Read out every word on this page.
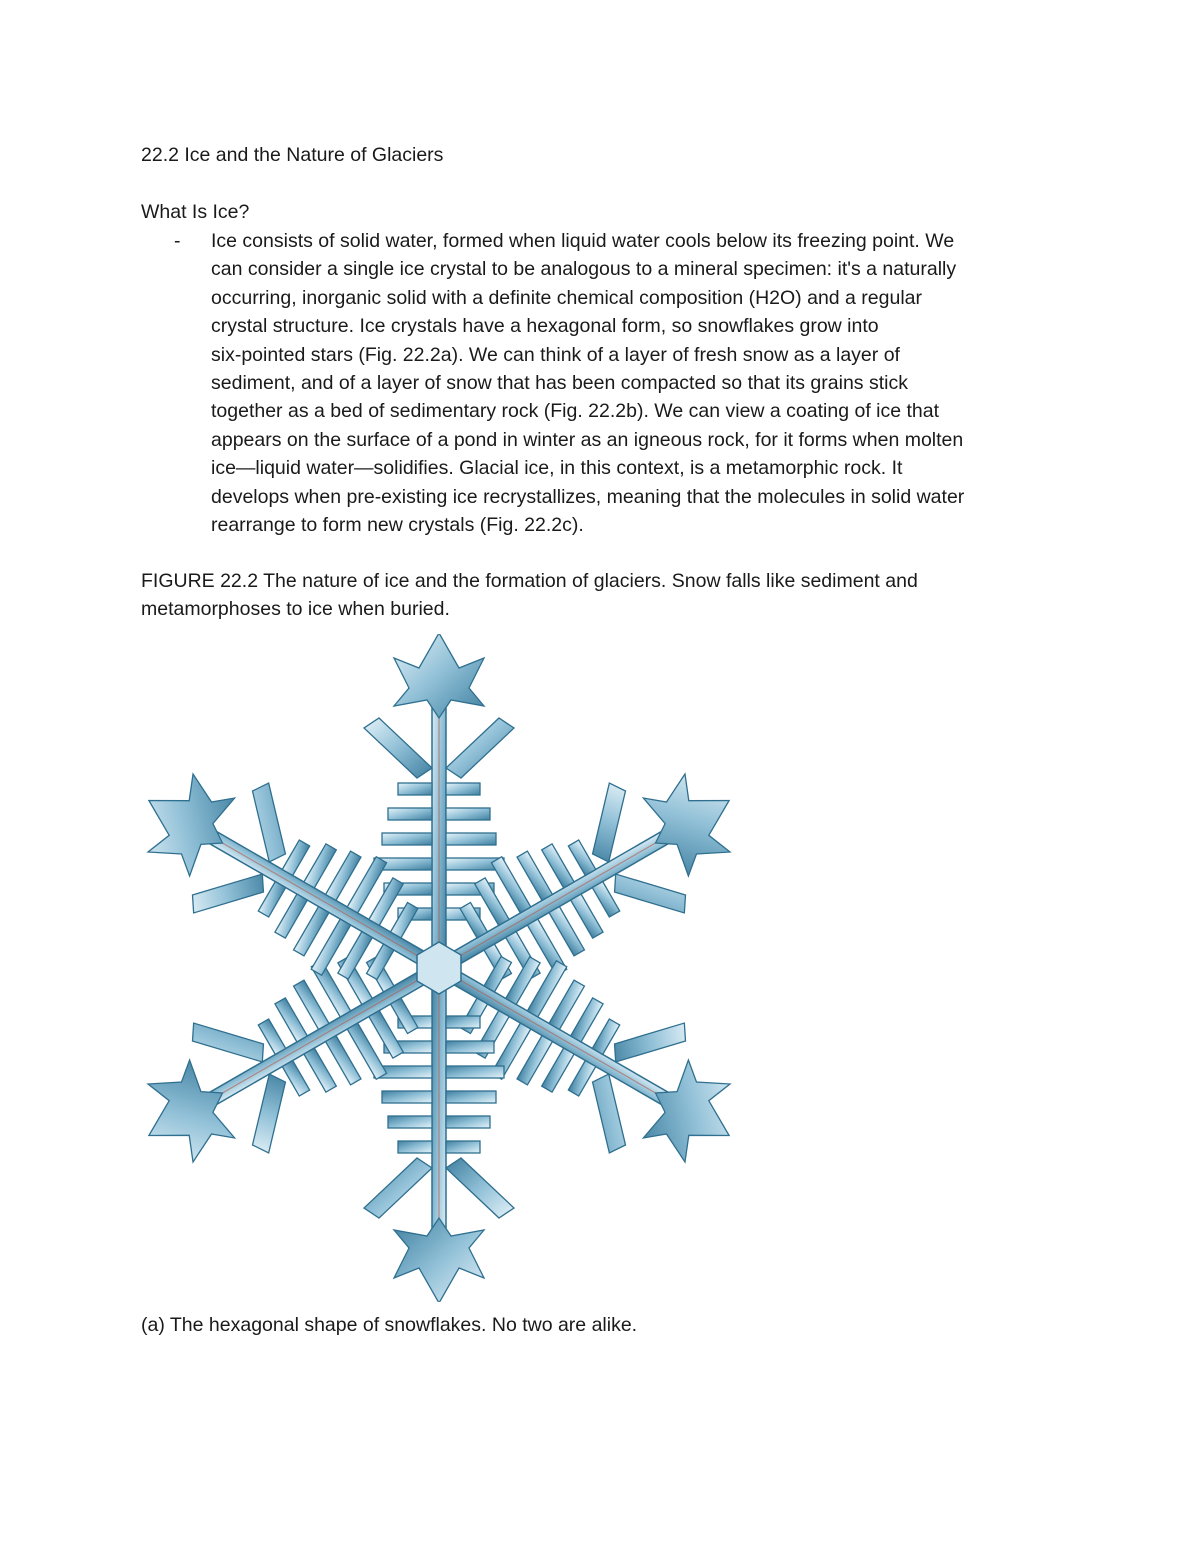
22.2 Ice and the Nature of Glaciers
What Is Ice?
- Ice consists of solid water, formed when liquid water cools below its freezing point. We
can consider a single ice crystal to be analogous to a mineral specimen: it's a naturally
occurring, inorganic solid with a definite chemical composition (H2O) and a regular
crystal structure. Ice crystals have a hexagonal form, so snowflakes grow into
six-pointed stars (Fig. 22.2a). We can think of a layer of fresh snow as a layer of
sediment, and of a layer of snow that has been compacted so that its grains stick
together as a bed of sedimentary rock (Fig. 22.2b). We can view a coating of ice that
appears on the surface of a pond in winter as an igneous rock, for it forms when molten
ice—liquid water—solidifies. Glacial ice, in this context, is a metamorphic rock. It
develops when pre-existing ice recrystallizes, meaning that the molecules in solid water
rearrange to form new crystals (Fig. 22.2c).
FIGURE 22.2 The nature of ice and the formation of glaciers. Snow falls like sediment and
metamorphoses to ice when buried.
(a) The hexagonal shape of snowflakes. No two are alike.
